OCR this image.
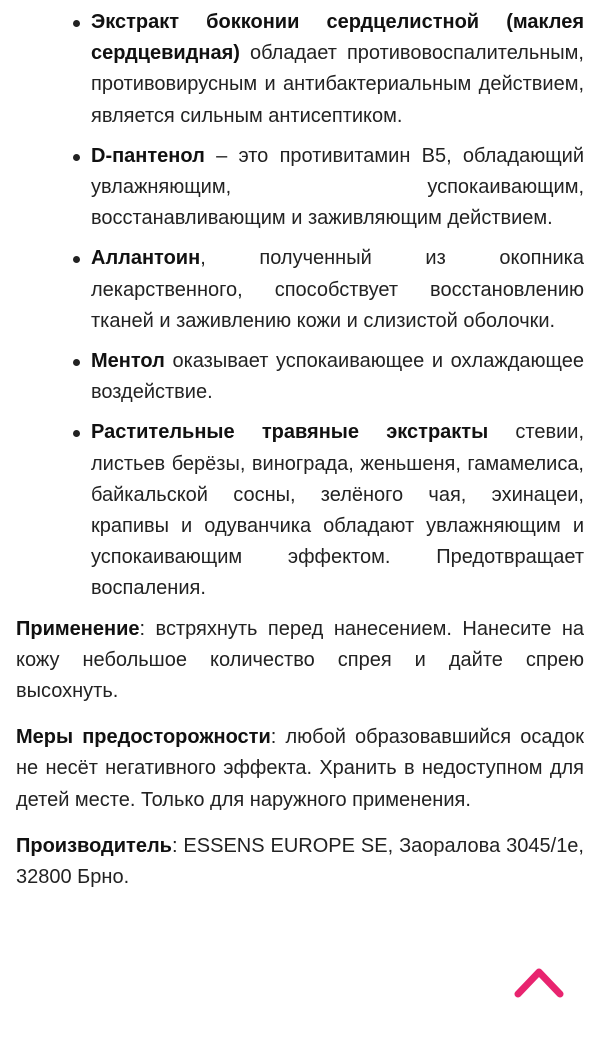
Экстракт бокконии сердцелистной (маклея сердцевидная) обладает противовоспалительным, противовирусным и антибактериальным действием, является сильным антисептиком.
D-пантенол – это противитамин B5, обладающий увлажняющим, успокаивающим, восстанавливающим и заживляющим действием.
Аллантоин, полученный из окопника лекарственного, способствует восстановлению тканей и заживлению кожи и слизистой оболочки.
Ментол оказывает успокаивающее и охлаждающее воздействие.
Растительные травяные экстракты стевии, листьев берёзы, винограда, женьшеня, гамамелиса, байкальской сосны, зелёного чая, эхинацеи, крапивы и одуванчика обладают увлажняющим и успокаивающим эффектом. Предотвращает воспаления.

Применение: встряхнуть перед нанесением. Нанесите на кожу небольшое количество спрея и дайте спрею высохнуть.

Меры предосторожности: любой образовавшийся осадок не несёт негативного эффекта. Хранить в недоступном для детей месте. Только для наружного применения.

Производитель: ESSENS EUROPE SE, Заоралова 3045/1е, 32800 Брно.
